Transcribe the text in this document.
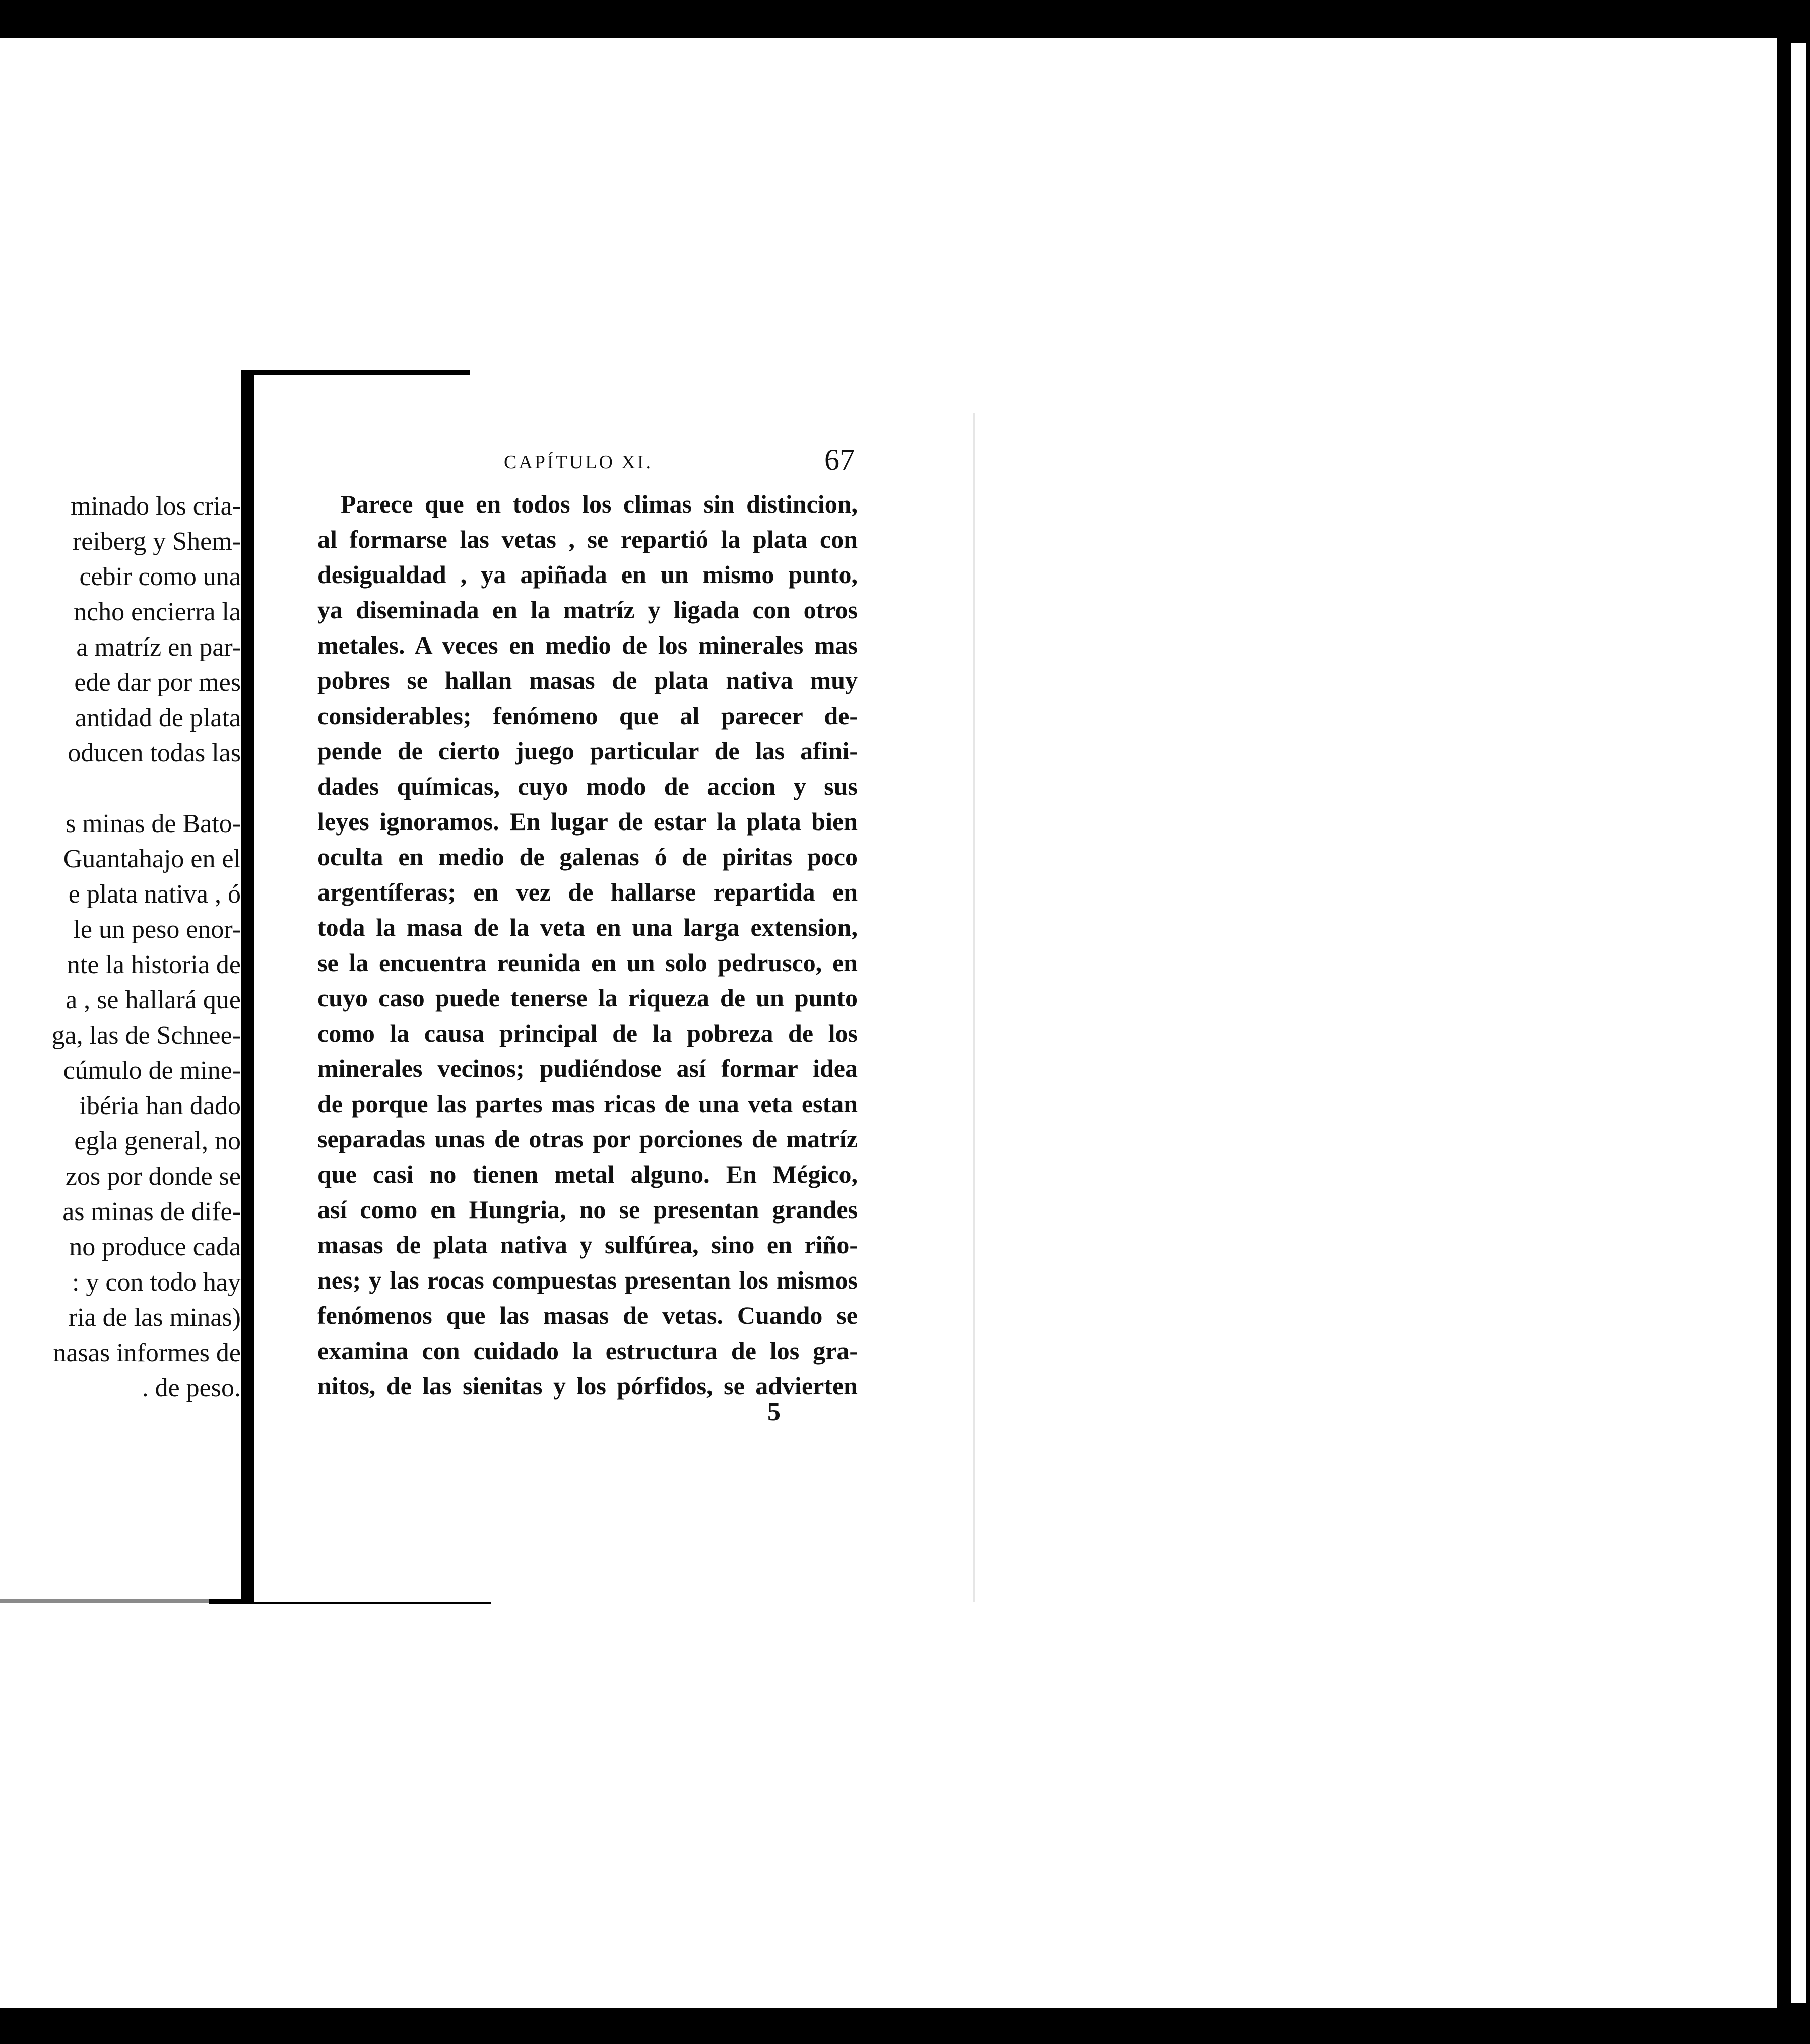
minado los cria-
reiberg y Shem-
cebir como una
ncho encierra la
a matríz en par-
ede dar por mes
antidad de plata
oducen todas las
s minas de Bato-
Guantahajo en el
e plata nativa , ó
le un peso enor-
nte la historia de
a , se hallará que
ga, las de Schnee-
cúmulo de mine-
ibéria han dado
egla general, no
zos por donde se
as minas de dife-
no produce cada
: y con todo hay
ria de las minas)
nasas informes de
. de peso.
CAPÍTULO XI.	67
Parece que en todos los climas sin distincion,
al formarse las vetas , se repartió la plata con
desigualdad , ya apiñada en un mismo punto,
ya diseminada en la matríz y ligada con otros
metales. A veces en medio de los minerales mas
pobres se hallan masas de plata nativa muy
considerables; fenómeno que al parecer de-
pende de cierto juego particular de las afini-
dades químicas, cuyo modo de accion y sus
leyes ignoramos. En lugar de estar la plata bien
oculta en medio de galenas ó de piritas poco
argentíferas; en vez de hallarse repartida en
toda la masa de la veta en una larga extension,
se la encuentra reunida en un solo pedrusco, en
cuyo caso puede tenerse la riqueza de un punto
como la causa principal de la pobreza de los
minerales vecinos; pudiéndose así formar idea
de porque las partes mas ricas de una veta estan
separadas unas de otras por porciones de matríz
que casi no tienen metal alguno. En Mégico,
así como en Hungria, no se presentan grandes
masas de plata nativa y sulfúrea, sino en riño-
nes; y las rocas compuestas presentan los mismos
fenómenos que las masas de vetas. Cuando se
examina con cuidado la estructura de los gra-
nitos, de las sienitas y los pórfidos, se advierten
5
